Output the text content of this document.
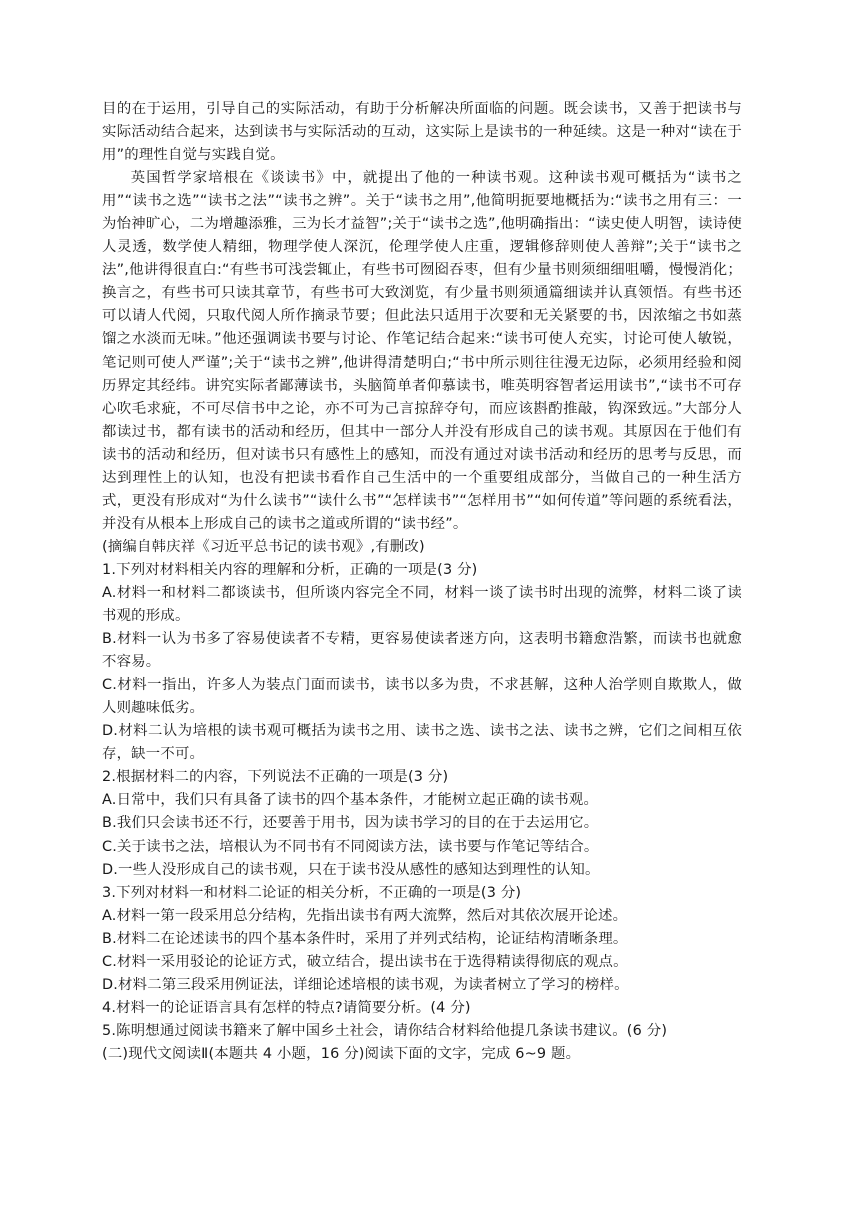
目的在于运用，引导自己的实际活动，有助于分析解决所面临的问题。既会读书，又善于把读书与实际活动结合起来，达到读书与实际活动的互动，这实际上是读书的一种延续。这是一种对“读在于用”的理性自觉与实践自觉。

英国哲学家培根在《谈读书》中，就提出了他的一种读书观。这种读书观可概括为“读书之用”“读书之选”“读书之法”“读书之辨”。关于“读书之用”,他简明扼要地概括为:“读书之用有三：一为怡神旷心，二为增趣添雅，三为长才益智”;关于“读书之选”,他明确指出：“读史使人明智，读诗使人灵透，数学使人精细，物理学使人深沉，伦理学使人庄重，逻辑修辞则使人善辩”;关于“读书之法”,他讲得很直白:“有些书可浅尝辄止，有些书可囫囵吞枣，但有少量书则须细细咀嚼，慢慢消化；换言之，有些书可只读其章节，有些书可大致浏览，有少量书则须通篇细读并认真领悟。有些书还可以请人代阅，只取代阅人所作摘录节要；但此法只适用于次要和无关紧要的书，因浓缩之书如蒸馏之水淡而无味。”他还强调读书要与讨论、作笔记结合起来:“读书可使人充实，讨论可使人敏锐，笔记则可使人严谨”;关于“读书之辨”,他讲得清楚明白;“书中所示则往往漫无边际，必须用经验和阅历界定其经纬。讲究实际者鄙薄读书，头脑简单者仰慕读书，唯英明容智者运用读书”,“读书不可存心吹毛求疵，不可尽信书中之论，亦不可为己言掠辞夺句，而应该斟酌推敲，钩深致远。”大部分人都读过书，都有读书的活动和经历，但其中一部分人并没有形成自己的读书观。其原因在于他们有读书的活动和经历，但对读书只有感性上的感知，而没有通过对读书活动和经历的思考与反思，而达到理性上的认知，也没有把读书看作自己生活中的一个重要组成部分，当做自己的一种生活方式，更没有形成对“为什么读书”“读什么书”“怎样读书”“怎样用书”“如何传道”等问题的系统看法，并没有从根本上形成自己的读书之道或所谓的“读书经”。

(摘编自韩庆祥《习近平总书记的读书观》,有删改)

1.下列对材料相关内容的理解和分析，正确的一项是(3 分)

A.材料一和材料二都谈读书，但所谈内容完全不同，材料一谈了读书时出现的流弊，材料二谈了读书观的形成。

B.材料一认为书多了容易使读者不专精，更容易使读者迷方向，这表明书籍愈浩繁，而读书也就愈不容易。

C.材料一指出，许多人为装点门面而读书，读书以多为贵，不求甚解，这种人治学则自欺欺人，做人则趣味低劣。

D.材料二认为培根的读书观可概括为读书之用、读书之选、读书之法、读书之辨，它们之间相互依存，缺一不可。

2.根据材料二的内容，下列说法不正确的一项是(3 分)

A.日常中，我们只有具备了读书的四个基本条件，才能树立起正确的读书观。

B.我们只会读书还不行，还要善于用书，因为读书学习的目的在于去运用它。

C.关于读书之法，培根认为不同书有不同阅读方法，读书要与作笔记等结合。

D.一些人没形成自己的读书观，只在于读书没从感性的感知达到理性的认知。

3.下列对材料一和材料二论证的相关分析，不正确的一项是(3 分)

A.材料一第一段采用总分结构，先指出读书有两大流弊，然后对其依次展开论述。

B.材料二在论述读书的四个基本条件时，采用了并列式结构，论证结构清晰条理。

C.材料一采用驳论的论证方式，破立结合，提出读书在于选得精读得彻底的观点。

D.材料二第三段采用例证法，详细论述培根的读书观，为读者树立了学习的榜样。

4.材料一的论证语言具有怎样的特点?请简要分析。(4 分)

5.陈明想通过阅读书籍来了解中国乡土社会，请你结合材料给他提几条读书建议。(6 分)

(二)现代文阅读Ⅱ(本题共 4 小题，16 分)阅读下面的文字，完成 6~9 题。
